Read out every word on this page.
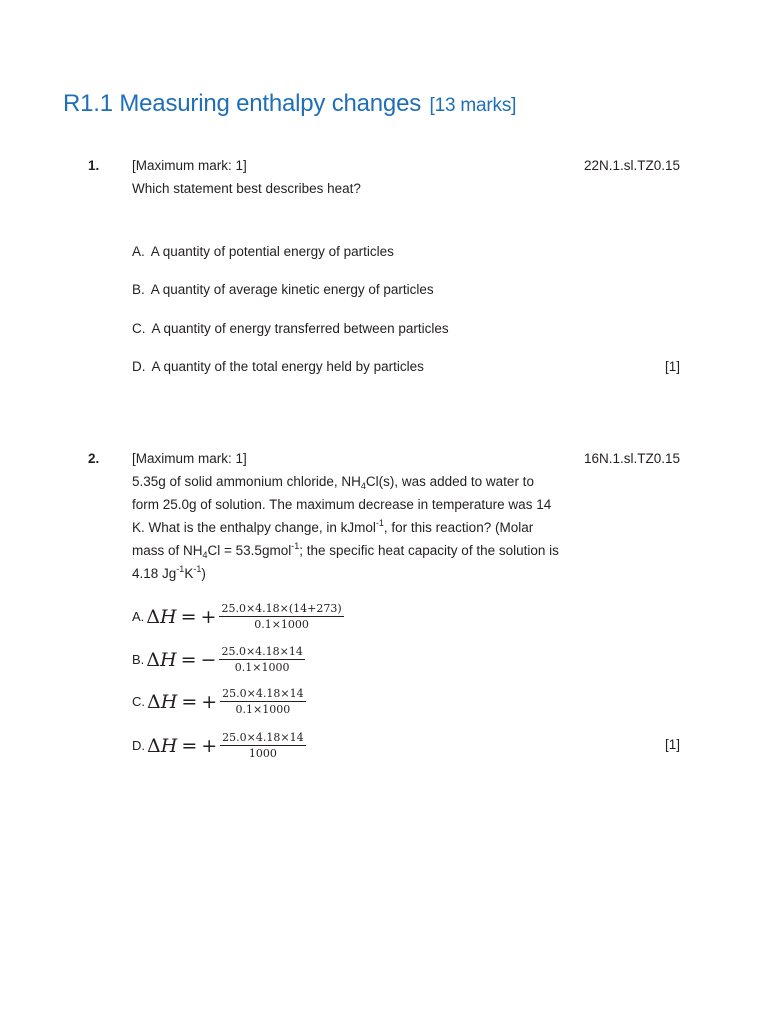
R1.1 Measuring enthalpy changes [13 marks]
1.	22N.1.sl.TZ0.15
[Maximum mark: 1]
Which statement best describes heat?
A. A quantity of potential energy of particles
B. A quantity of average kinetic energy of particles
C. A quantity of energy transferred between particles
D. A quantity of the total energy held by particles	[1]
2.	16N.1.sl.TZ0.15
[Maximum mark: 1]
5.35g of solid ammonium chloride, $NH_4Cl(s)$, was added to water to
form 25.0g of solution. The maximum decrease in temperature was 14
K. What is the enthalpy change, in kJmol$^{-1}$, for this reaction? (Molar
mass of $NH_4Cl$ = 53.5gmol$^{-1}$; the specific heat capacity of the solution is
4.18 $Jg^{-1}K^{-1}$)
A. ΔH = + $\frac{25.0\times 4.18\times(14+273)}{0.1\times 1000}$
B. ΔH = − $\frac{25.0\times 4.18\times 14}{0.1\times 1000}$
C. ΔH = + $\frac{25.0\times 4.18\times 14}{0.1\times 1000}$
D. ΔH = + $\frac{25.0\times 4.18\times 14}{1000}$	[1]
